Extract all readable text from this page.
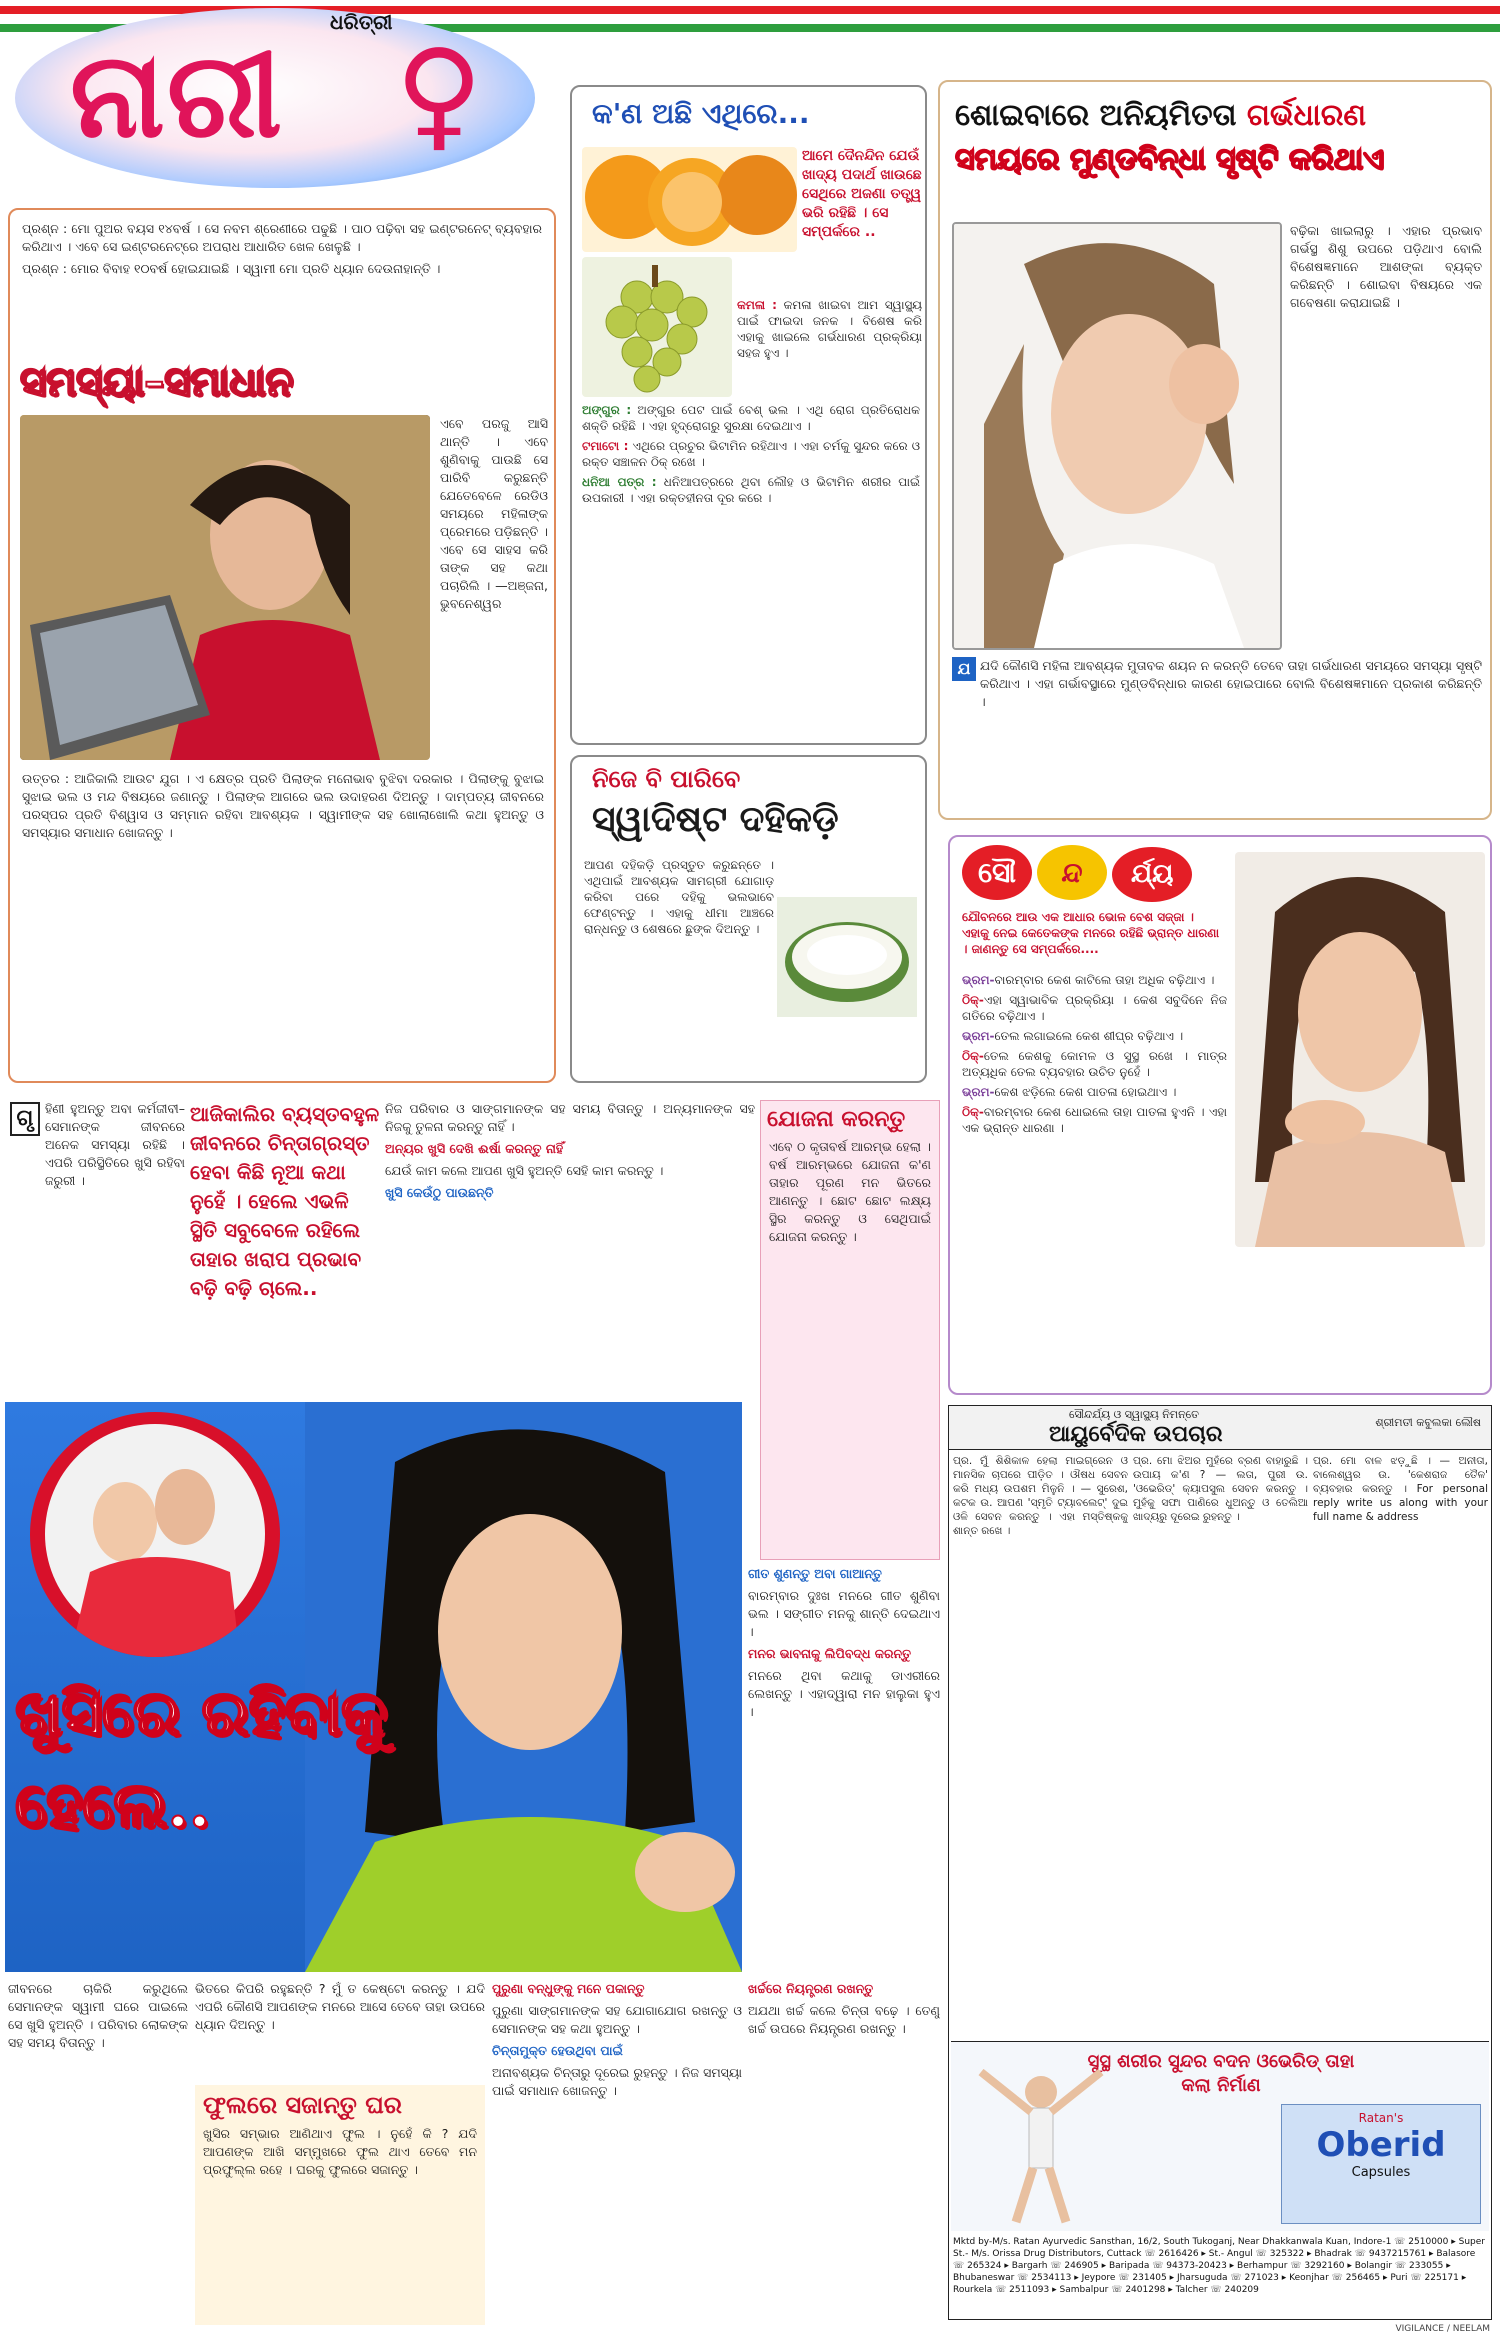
ଧରିତ୍ରୀ
ନାରୀ ♀

ପ୍ରଶ୍ନ : ମୋ ପୁଅର ବୟସ ୧୪ବର୍ଷ । ସେ ନବମ ଶ୍ରେଣୀରେ ପଢୁଛି । ପାଠ ପଢ଼ିବା ସହ ଇଣ୍ଟରନେଟ୍ ବ୍ୟବହାର କରିଥାଏ । ଏବେ ସେ ଇଣ୍ଟରନେଟ୍ରେ ଅପରାଧ ଆଧାରିତ ଖେଳ ଖେଳୁଛି ।

ପ୍ରଶ୍ନ : ମୋର ବିବାହ ୧୦ବର୍ଷ ହୋଇଯାଇଛି । ସ୍ୱାମୀ ମୋ ପ୍ରତି ଧ୍ୟାନ ଦେଉନାହାନ୍ତି ।

ସମସ୍ୟା–ସମାଧାନ
ଏବେ ପରଜୁ ଆସି ଥାନ୍ତି । ଏବେ ଶୁଣିବାକୁ ପାଉଛି ସେ ପାରିବି କରୁଛନ୍ତି ଯେତେବେଳେ ରେଡିଓ ସମୟରେ ମହିଳାଙ୍କ ପ୍ରେମରେ ପଡ଼ିଛନ୍ତି । ଏବେ ସେ ସାହସ କରି ତାଙ୍କ ସହ କଥା ପଚାରିଲି । —ଅଞ୍ଜନା, ଭୁବନେଶ୍ୱର
ଉତ୍ତର : ଆଜିକାଲି ଆଉଟ ଯୁଗ । ଏ କ୍ଷେତ୍ର ପ୍ରତି ପିଲାଙ୍କ ମନୋଭାବ ବୁଝିବା ଦରକାର । ପିଲାଙ୍କୁ ବୁଝାଇ ସୁଝାଇ ଭଲ ଓ ମନ୍ଦ ବିଷୟରେ ଜଣାନ୍ତୁ । ପିଲାଙ୍କ ଆଗରେ ଭଲ ଉଦାହରଣ ଦିଅନ୍ତୁ । ଦାମ୍ପତ୍ୟ ଜୀବନରେ ପରସ୍ପର ପ୍ରତି ବିଶ୍ୱାସ ଓ ସମ୍ମାନ ରହିବା ଆବଶ୍ୟକ । ସ୍ୱାମୀଙ୍କ ସହ ଖୋଲାଖୋଲି କଥା ହୁଅନ୍ତୁ ଓ ସମସ୍ୟାର ସମାଧାନ ଖୋଜନ୍ତୁ ।
କ'ଣ ଅଛି ଏଥିରେ...
ଆମେ ଦୈନନ୍ଦିନ ଯେଉଁ ଖାଦ୍ୟ ପଦାର୍ଥ ଖାଉଛେ ସେଥିରେ ଅଜଣା ତତ୍ତ୍ୱ ଭରି ରହିଛି । ସେ ସମ୍ପର୍କରେ ..
କମଳା : କମଳା ଖାଇବା ଆମ ସ୍ୱାସ୍ଥ୍ୟ ପାଇଁ ଫାଇଦା ଜନକ । ବିଶେଷ କରି ଏହାକୁ ଖାଇଲେ ଗର୍ଭଧାରଣ ପ୍ରକ୍ରିୟା ସହଜ ହୁଏ ।

ଅଙ୍ଗୁର : ଅଙ୍ଗୁର ପେଟ ପାଇଁ ବେଶ୍ ଭଲ । ଏଥି ରୋଗ ପ୍ରତିରୋଧକ ଶକ୍ତି ରହିଛି । ଏହା ହୃଦ୍‌ରୋଗରୁ ସୁରକ୍ଷା ଦେଇଥାଏ ।

ଟମାଟୋ : ଏଥିରେ ପ୍ରଚୁର ଭିଟାମିନ ରହିଥାଏ । ଏହା ଚର୍ମକୁ ସୁନ୍ଦର କରେ ଓ ରକ୍ତ ସଞ୍ଚାଳନ ଠିକ୍ ରଖେ ।

ଧନିଆ ପତ୍ର : ଧନିଆପତ୍ରରେ ଥିବା ଲୌହ ଓ ଭିଟାମିନ ଶରୀର ପାଇଁ ଉପକାରୀ । ଏହା ରକ୍ତହୀନତା ଦୂର କରେ ।

ନିଜେ ବି ପାରିବେ
ସ୍ୱାଦିଷ୍ଟ ଦହିକଡ଼ି
ଆପଣ ଦହିକଡ଼ି ପ୍ରସ୍ତୁତ କରୁଛନ୍ତେ । ଏଥିପାଇଁ ଆବଶ୍ୟକ ସାମଗ୍ରୀ ଯୋଗାଡ଼ କରିବା ପରେ ଦହିକୁ ଭଲଭାବେ ଫେଣ୍ଟନ୍ତୁ । ଏହାକୁ ଧୀମା ଆଞ୍ଚରେ ରାନ୍ଧନ୍ତୁ ଓ ଶେଷରେ ଛୁଙ୍କ ଦିଅନ୍ତୁ ।
ଶୋଇବାରେ ଅନିୟମିତତା ଗର୍ଭଧାରଣ
ସମୟରେ ମୁଣ୍ଡବିନ୍ଧା ସୃଷ୍ଟି କରିଥାଏ
ବଢ଼ିକା ଖାଇଲାରୁ । ଏହାର ପ୍ରଭାବ ଗର୍ଭସ୍ଥ ଶିଶୁ ଉପରେ ପଡ଼ିଥାଏ ବୋଲି ବିଶେଷଜ୍ଞମାନେ ଆଶଙ୍କା ବ୍ୟକ୍ତ କରିଛନ୍ତି । ଶୋଇବା ବିଷୟରେ ଏକ ଗବେଷଣା କରାଯାଇଛି ।
ଯ ଯଦି କୌଣସି ମହିଳା ଆବଶ୍ୟକ ମୁତାବକ ଶୟନ ନ କରନ୍ତି ତେବେ ତାହା ଗର୍ଭଧାରଣ ସମୟରେ ସମସ୍ୟା ସୃଷ୍ଟି କରିଥାଏ । ଏହା ଗର୍ଭାବସ୍ଥାରେ ମୁଣ୍ଡବିନ୍ଧାର କାରଣ ହୋଇପାରେ ବୋଲି ବିଶେଷଜ୍ଞମାନେ ପ୍ରକାଶ କରିଛନ୍ତି ।
ସୌ ନ୍ଦ ର୍ଯ୍ୟ
ଯୌବନରେ ଆଉ ଏକ ଆଧାର ଭୋଳ ବେଶ ସଜ୍ଜା । ଏହାକୁ ନେଇ କେତେକଙ୍କ ମନରେ ରହିଛି ଭ୍ରାନ୍ତ ଧାରଣା । ଜାଣନ୍ତୁ ସେ ସମ୍ପର୍କରେ....

ଭ୍ରମ-ବାରମ୍ବାର କେଶ କାଟିଲେ ତାହା ଅଧିକ ବଢ଼ିଥାଏ ।

ଠିକ୍-ଏହା ସ୍ୱାଭାବିକ ପ୍ରକ୍ରିୟା । କେଶ ସବୁଦିନେ ନିଜ ଗତିରେ ବଢ଼ିଥାଏ ।

ଭ୍ରମ-ତେଲ ଲଗାଇଲେ କେଶ ଶୀଘ୍ର ବଢ଼ିଥାଏ ।

ଠିକ୍-ତେଲ କେଶକୁ କୋମଳ ଓ ସୁସ୍ଥ ରଖେ । ମାତ୍ର ଅତ୍ୟଧିକ ତେଲ ବ୍ୟବହାର ଉଚିତ ନୁହେଁ ।

ଭ୍ରମ-କେଶ ଝଡ଼ିଲେ କେଶ ପାତଳା ହୋଇଥାଏ ।

ଠିକ୍-ବାରମ୍ବାର କେଶ ଧୋଇଲେ ତାହା ପାତଳା ହୁଏନି । ଏହା ଏକ ଭ୍ରାନ୍ତ ଧାରଣା ।

ଗୃ ହିଣୀ ହୁଅନ୍ତୁ ଅବା କର୍ମଜୀବୀ–ସେମାନଙ୍କ ଜୀବନରେ ଅନେକ ସମସ୍ୟା ରହିଛି । ଏପରି ପରିସ୍ଥିତିରେ ଖୁସି ରହିବା ଜରୁରୀ ।
ଆଜିକାଲିର ବ୍ୟସ୍ତବହୁଳ ଜୀବନରେ ଚିନ୍ତାଗ୍ରସ୍ତ ହେବା କିଛି ନୂଆ କଥା ନୁହେଁ । ହେଲେ ଏଭଳି ସ୍ଥିତି ସବୁବେଳେ ରହିଲେ ତାହାର ଖରାପ ପ୍ରଭାବ ବଢ଼ି ବଢ଼ି ଚାଲେ..

ନିଜ ପରିବାର ଓ ସାଙ୍ଗମାନଙ୍କ ସହ ସମୟ ବିତାନ୍ତୁ । ଅନ୍ୟମାନଙ୍କ ସହ ନିଜକୁ ତୁଳନା କରନ୍ତୁ ନାହିଁ ।

ଅନ୍ୟର ଖୁସି ଦେଖି ଈର୍ଷା କରନ୍ତୁ ନାହିଁ

ଯେଉଁ କାମ କଲେ ଆପଣ ଖୁସି ହୁଅନ୍ତି ସେହି କାମ କରନ୍ତୁ ।

ଖୁସି କେଉଁଠୁ ପାଉଛନ୍ତି

ଯୋଜନା କରନ୍ତୁ
ଏବେ ଠ କୃତାବର୍ଷ ଆରମ୍ଭ ହେଲା । ବର୍ଷ ଆରମ୍ଭରେ ଯୋଜନା କ'ଣ ତାହାର ପୂରଣ ମନ ଭିତରେ ଆଣନ୍ତୁ । ଛୋଟ ଛୋଟ ଲକ୍ଷ୍ୟ ସ୍ଥିର କରନ୍ତୁ ଓ ସେଥିପାଇଁ ଯୋଜନା କରନ୍ତୁ ।
ଖୁସିରେ ରହିବାକୁ ହେଲେ..

ଗୀତ ଶୁଣନ୍ତୁ ଅବା ଗାଆନ୍ତୁ

ବାରମ୍ବାର ଦୁଃଖ ମନରେ ଗୀତ ଶୁଣିବା ଭଲ । ସଙ୍ଗୀତ ମନକୁ ଶାନ୍ତି ଦେଇଥାଏ ।

ମନର ଭାବନାକୁ ଲିପିବଦ୍ଧ କରନ୍ତୁ

ମନରେ ଥିବା କଥାକୁ ଡାଏରୀରେ ଲେଖନ୍ତୁ । ଏହାଦ୍ୱାରା ମନ ହାଲୁକା ହୁଏ ।

ଜୀବନରେ ଚାକିରି କରୁଥିଲେ ସେମାନଙ୍କ ସ୍ୱାମୀ ଘରେ ପାଇଲେ ସେ ଖୁସି ହୁଅନ୍ତି । ପରିବାର ଲୋକଙ୍କ ସହ ସମୟ ବିତାନ୍ତୁ ।
ଭିତରେ କିପରି ରହୁଛନ୍ତି ? ମୁଁ ତ କେଷ୍ଟୋ କରନ୍ତୁ । ଯଦି ଏପରି କୌଣସି ଆପଣଙ୍କ ମନରେ ଆସେ ତେବେ ତାହା ଉପରେ ଧ୍ୟାନ ଦିଅନ୍ତୁ ।
ଫୁଲରେ ସଜାନ୍ତୁ ଘର
ଖୁସିର ସମ୍ଭାର ଆଣିଥାଏ ଫୁଲ । ନୁହେଁ କି ? ଯଦି ଆପଣଙ୍କ ଆଖି ସମ୍ମୁଖରେ ଫୁଲ ଥାଏ ତେବେ ମନ ପ୍ରଫୁଲ୍ଲ ରହେ । ଘରକୁ ଫୁଲରେ ସଜାନ୍ତୁ ।

ପୁରୁଣା ବନ୍ଧୁଙ୍କୁ ମନେ ପକାନ୍ତୁ

ପୁରୁଣା ସାଙ୍ଗମାନଙ୍କ ସହ ଯୋଗାଯୋଗ ରଖନ୍ତୁ ଓ ସେମାନଙ୍କ ସହ କଥା ହୁଅନ୍ତୁ ।

ଚିନ୍ତାମୁକ୍ତ ହେଉଥିବା ପାଇଁ

ଅନାବଶ୍ୟକ ଚିନ୍ତାରୁ ଦୂରେଇ ରୁହନ୍ତୁ । ନିଜ ସମସ୍ୟା ପାଇଁ ସମାଧାନ ଖୋଜନ୍ତୁ ।

ଖର୍ଚ୍ଚରେ ନିୟନ୍ତ୍ରଣ ରଖନ୍ତୁ

ଅଯଥା ଖର୍ଚ୍ଚ କଲେ ଚିନ୍ତା ବଢ଼େ । ତେଣୁ ଖର୍ଚ୍ଚ ଉପରେ ନିୟନ୍ତ୍ରଣ ରଖନ୍ତୁ ।

ସୌନ୍ଦର୍ଯ୍ୟ ଓ ସ୍ୱାସ୍ଥ୍ୟ ନିମନ୍ତେ
ଆୟୁର୍ବେଦିକ ଉପଚାର	ଶ୍ରୀମତୀ କବୁଲକା ଲୌଷ
ପ୍ର. ମୁଁ ଶିଶିକାଳ ହେଲା ମାଇଗ୍ରେନ ଓ ମାନସିକ ଚାପରେ ପୀଡ଼ିତ । ଔଷଧ ସେବନ କରି ମଧ୍ୟ ଉପଶମ ମିଳୁନି । — ସୁରେଶ, କଟକ ଉ. ଆପଣ 'ସ୍ମୃତି ଟ୍ୟାବଲେଟ୍' ଦୁଇ ଓଳି ସେବନ କରନ୍ତୁ । ଏହା ମସ୍ତିଷ୍କକୁ ଶାନ୍ତ ରଖେ ।
ପ୍ର. ମୋ ଝିଅର ମୁହଁରେ ବ୍ରଣ ବାହାରୁଛି । ଉପାୟ କ'ଣ ? — ଲତା, ପୁରୀ ଉ. 'ଓଭେରିଡ୍' କ୍ୟାପସୁଲ ସେବନ କରନ୍ତୁ । ମୁହଁକୁ ସଫା ପାଣିରେ ଧୁଅନ୍ତୁ ଓ ତେଲିଆ ଖାଦ୍ୟରୁ ଦୂରେଇ ରୁହନ୍ତୁ ।
ପ୍ର. ମୋ ବାଳ ଝଡ଼ୁଛି । — ଅନୀତା, ବାଲେଶ୍ୱର ଉ. 'କେଶରାଜ ତୈଳ' ବ୍ୟବହାର କରନ୍ତୁ । For personal reply write us along with your full name & address
ସୁସ୍ଥ ଶରୀର ସୁନ୍ଦର ବଦନ ଓଭେରିଡ୍ ତାହା କଲା ନିର୍ମାଣ
Ratan's
Oberid
Capsules
Mktd by-M/s. Ratan Ayurvedic Sansthan, 16/2, South Tukoganj, Near Dhakkanwala Kuan, Indore-1 ☏ 2510000 ▸ Super St.- M/s. Orissa Drug Distributors, Cuttack ☏ 2616426 ▸ St.- Angul ☏ 325322 ▸ Bhadrak ☏ 9437215761 ▸ Balasore ☏ 265324 ▸ Bargarh ☏ 246905 ▸ Baripada ☏ 94373-20423 ▸ Berhampur ☏ 3292160 ▸ Bolangir ☏ 233055 ▸ Bhubaneswar ☏ 2534113 ▸ Jeypore ☏ 231405 ▸ Jharsuguda ☏ 271023 ▸ Keonjhar ☏ 256465 ▸ Puri ☏ 225171 ▸ Rourkela ☏ 2511093 ▸ Sambalpur ☏ 2401298 ▸ Talcher ☏ 240209
VIGILANCE / NEELAM
